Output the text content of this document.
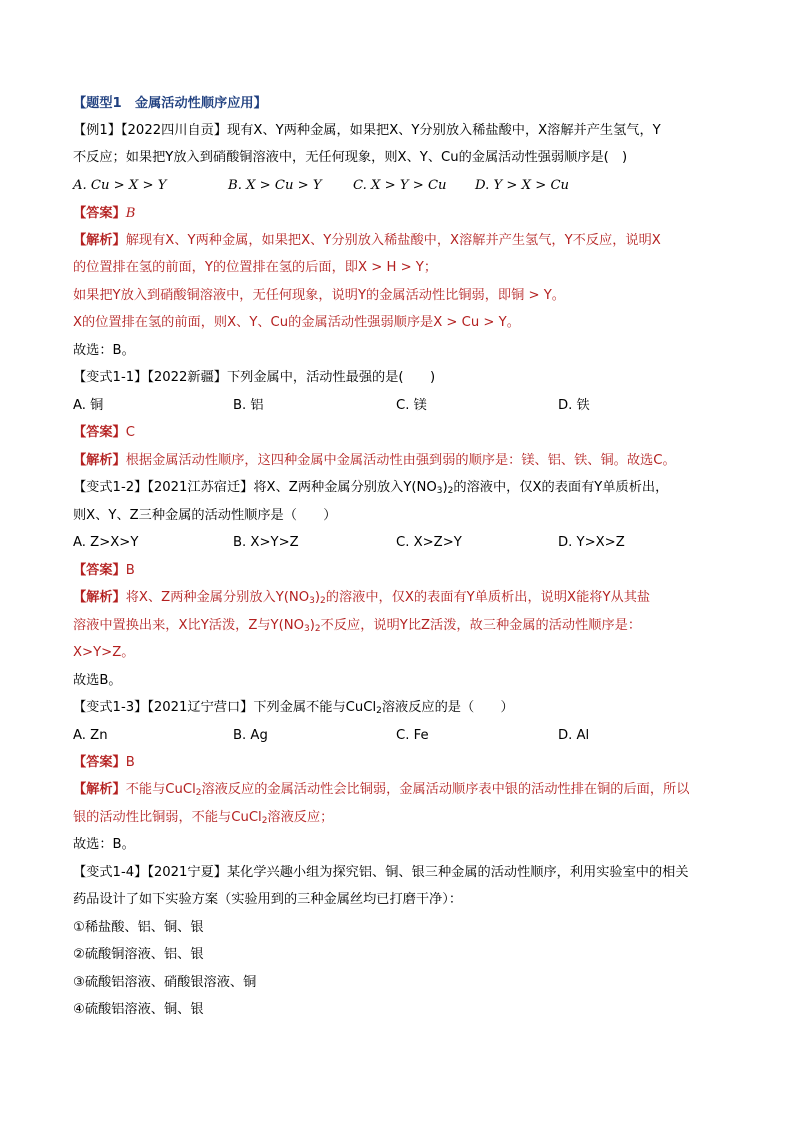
【题型1　金属活动性顺序应用】
【例1】【2022四川自贡】现有X、Y两种金属，如果把X、Y分别放入稀盐酸中，X溶解并产生氢气，Y
不反应；如果把Y放入到硝酸铜溶液中，无任何现象，则X、Y、Cu的金属活动性强弱顺序是(　)
A. Cu > X > Y	B. X > Cu > Y C. X > Y > Cu D. Y > X > Cu
【答案】B
【解析】解现有X、Y两种金属，如果把X、Y分别放入稀盐酸中，X溶解并产生氢气，Y不反应，说明X
的位置排在氢的前面，Y的位置排在氢的后面，即X > H > Y；
如果把Y放入到硝酸铜溶液中，无任何现象，说明Y的金属活动性比铜弱，即铜 > Y。
X的位置排在氢的前面，则X、Y、Cu的金属活动性强弱顺序是X > Cu > Y。
故选：B。
【变式1-1】【2022新疆】下列金属中，活动性最强的是(　　)
A. 铜	B. 铝	C. 镁	D. 铁
【答案】C
【解析】根据金属活动性顺序，这四种金属中金属活动性由强到弱的顺序是：镁、铝、铁、铜。故选C。
【变式1-2】【2021江苏宿迁】将X、Z两种金属分别放入$Y(NO_3)_2$的溶液中，仅X的表面有Y单质析出，
则X、Y、Z三种金属的活动性顺序是（　　）
A. Z>X>Y	B. X>Y>Z	C. X>Z>Y	D. Y>X>Z
【答案】B
【解析】将X、Z两种金属分别放入$Y(NO_3)_2$的溶液中，仅X的表面有Y单质析出，说明X能将Y从其盐
溶液中置换出来，X比Y活泼，Z与$Y(NO_3)_2$不反应，说明Y比Z活泼，故三种金属的活动性顺序是：
X>Y>Z。
故选B。
【变式1-3】【2021辽宁营口】下列金属不能与CuCl$_2$溶液反应的是（　　）
A. Zn	B. Ag	C. Fe	D. Al
【答案】B
【解析】不能与CuCl$_2$溶液反应的金属活动性会比铜弱，金属活动顺序表中银的活动性排在铜的后面，所以
银的活动性比铜弱，不能与CuCl$_2$溶液反应；
故选：B。
【变式1-4】【2021宁夏】某化学兴趣小组为探究铝、铜、银三种金属的活动性顺序，利用实验室中的相关
药品设计了如下实验方案（实验用到的三种金属丝均已打磨干净）：
①稀盐酸、铝、铜、银
②硫酸铜溶液、铝、银
③硫酸铝溶液、硝酸银溶液、铜
④硫酸铝溶液、铜、银
